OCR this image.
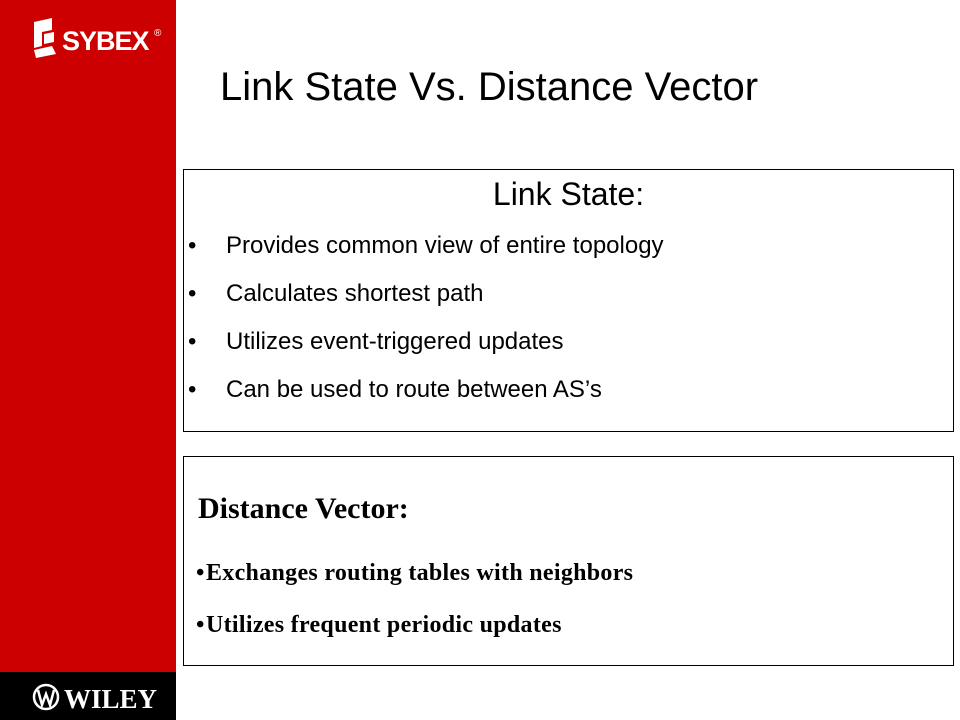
SYBEX ®
WILEY
Link State Vs. Distance Vector
Link State:
• Provides common view of entire topology
• Calculates shortest path
• Utilizes event-triggered updates
• Can be used to route between AS’s
Distance Vector:
• Exchanges routing tables with neighbors
• Utilizes frequent periodic updates
